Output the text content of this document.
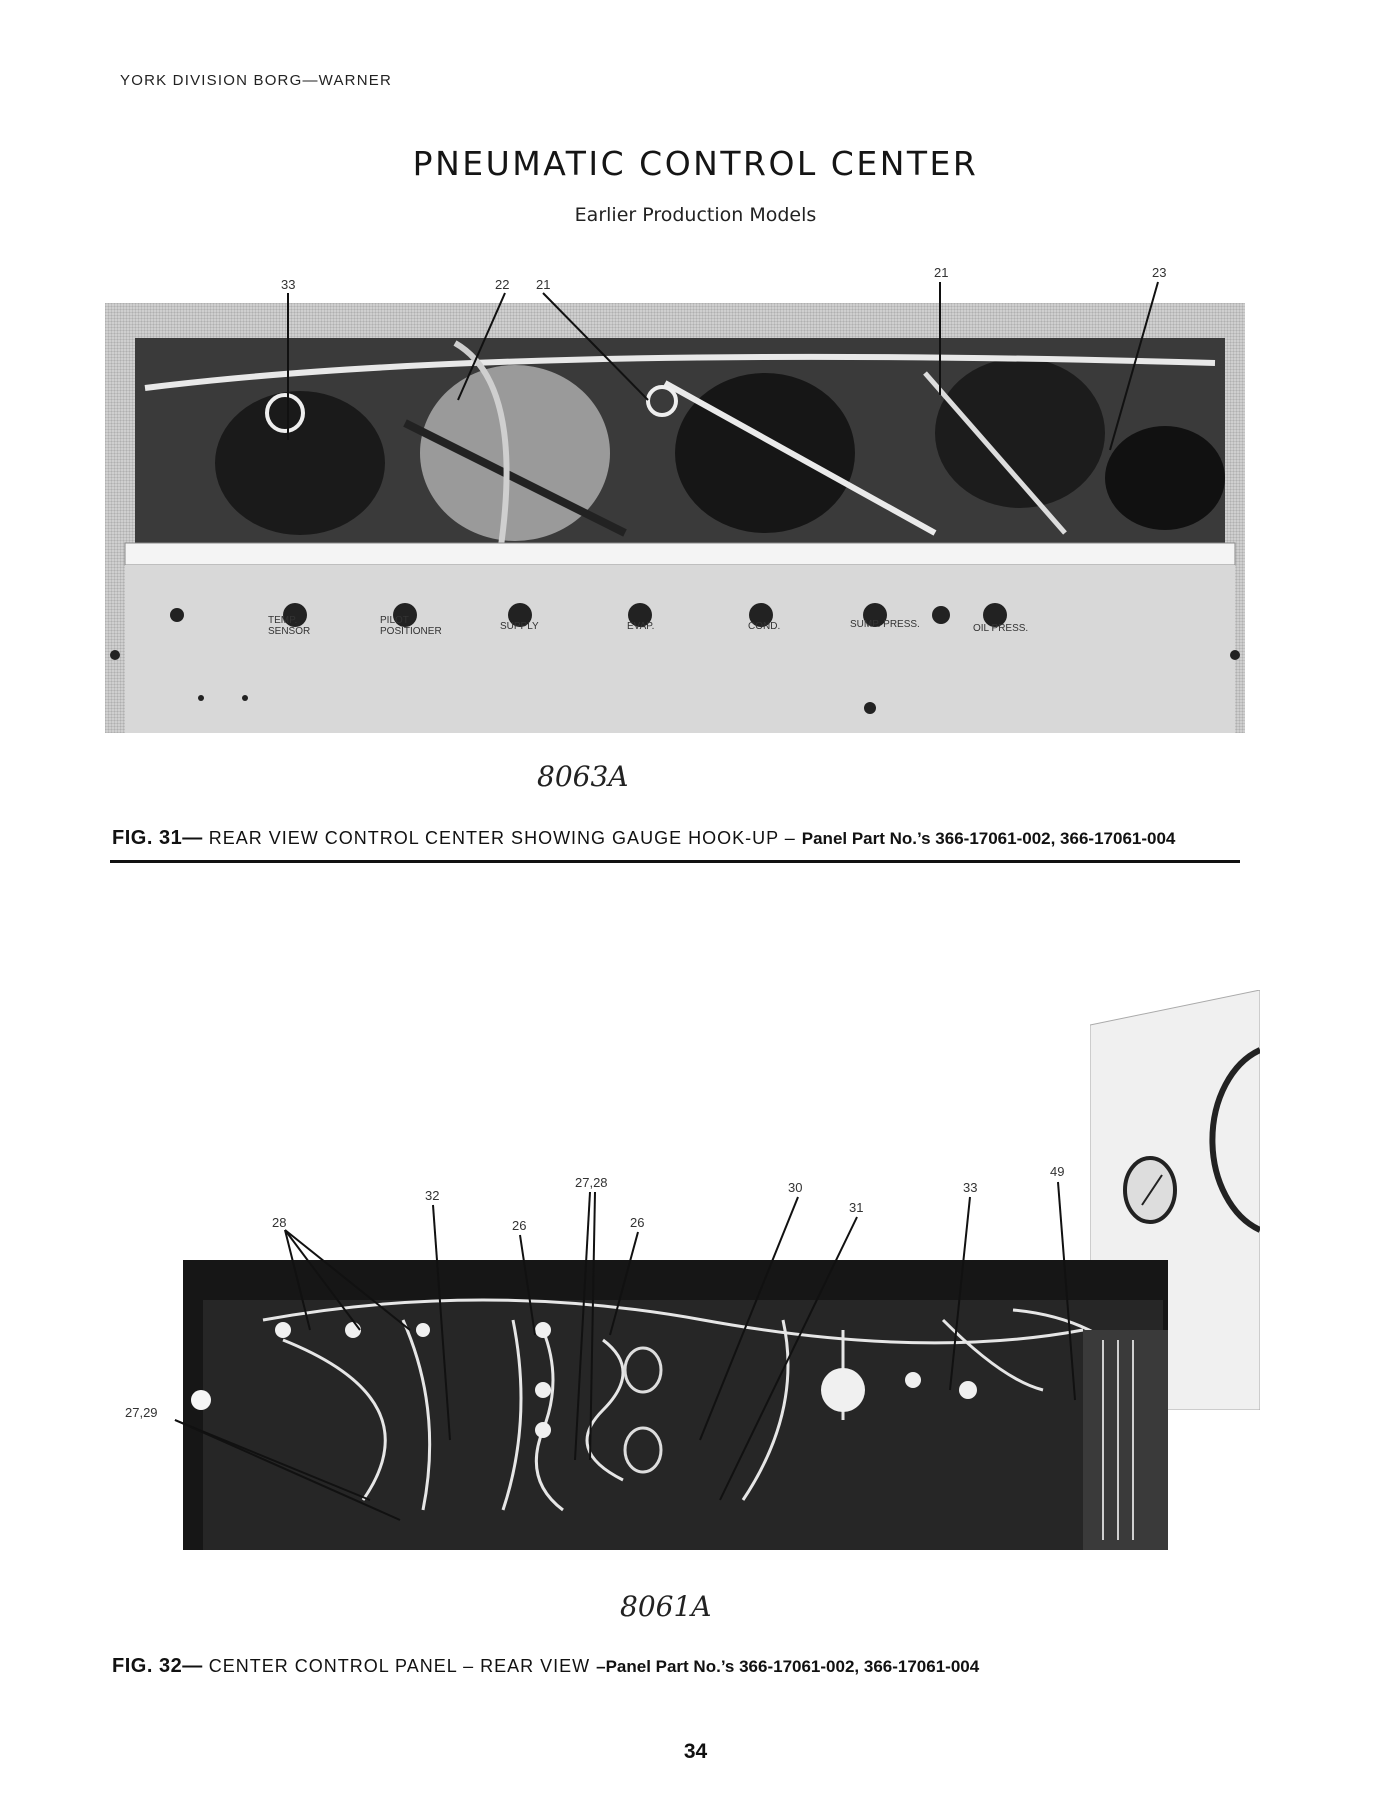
YORK DIVISION BORG—WARNER
PNEUMATIC CONTROL CENTER
Earlier Production Models
33	22 21
21	23
TEMP. SENSOR
PILOT POSITIONER	SUPPLY	EVAP.	COND.	SUMP. PRESS.	OIL PRESS.
8063A
FIG. 31— REAR VIEW CONTROL CENTER SHOWING GAUGE HOOK-UP – Panel Part No.’s 366-17061-002, 366-17061-004
28
32
26
27,28
26
30
31
33
49
27,29
8061A
FIG. 32— CENTER CONTROL PANEL – REAR VIEW –Panel Part No.’s 366-17061-002, 366-17061-004
34
